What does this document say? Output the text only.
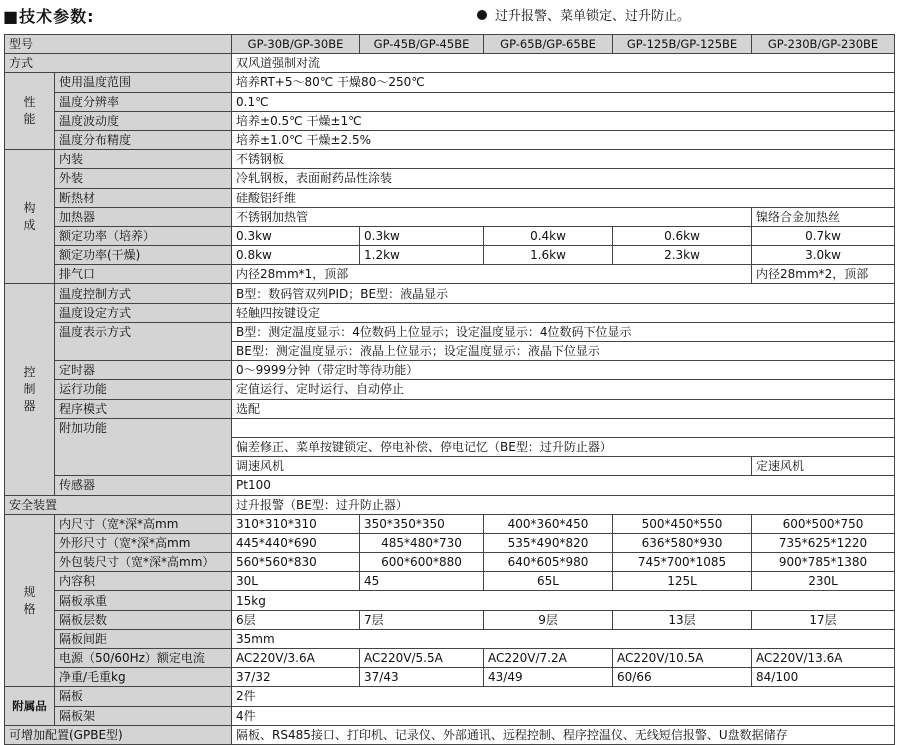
■技术参数:	过升报警、菜单锁定、过升防止。
型号		GP-30B/GP-30BE	GP-45B/GP-45BE	GP-65B/GP-65BE	GP-125B/GP-125BE	GP-230B/GP-230BE
方式		双风道强制对流				
性能	使用温度范围	培养RT+5～80℃ 干燥80～250℃				
	温度分辨率	0.1℃				
	温度波动度	培养±0.5℃ 干燥±1℃				
	温度分布精度	培养±1.0℃ 干燥±2.5%				
构成	内装	不锈钢板				
	外装	冷轧钢板，表面耐药品性涂装				
	断热材	硅酸铝纤维				
	加热器	不锈钢加热管				镍络合金加热丝
	额定功率（培养）	0.3kw	0.3kw	0.4kw	0.6kw	0.7kw
	额定功率(干燥)	0.8kw	1.2kw	1.6kw	2.3kw	3.0kw
	排气口	内径28mm*1，顶部				内径28mm*2，顶部
控制器	温度控制方式	B型：数码管双列PID；BE型：液晶显示				
	温度设定方式	轻触四按键设定				
	温度表示方式	B型：测定温度显示：4位数码上位显示；设定温度显示：4位数码下位显示				
		BE型：测定温度显示：液晶上位显示；设定温度显示：液晶下位显示				
	定时器	0～9999分钟（带定时等待功能）				
	运行功能	定值运行、定时运行、自动停止				
	程序模式	选配				
	附加功能					
		偏差修正、菜单按键锁定、停电补偿、停电记忆（BE型：过升防止器）				
		调速风机				定速风机
	传感器	Pt100				
安全装置		过升报警（BE型：过升防止器）				
规格	内尺寸（宽*深*高mm	310*310*310	350*350*350	400*360*450	500*450*550	600*500*750
	外形尺寸（宽*深*高mm	445*440*690	485*480*730	535*490*820	636*580*930	735*625*1220
	外包装尺寸（宽*深*高mm）	560*560*830	600*600*880	640*605*980	745*700*1085	900*785*1380
	内容积	30L	45	65L	125L	230L
	隔板承重	15kg				
	隔板层数	6层	7层	9层	13层	17层
	隔板间距	35mm				
	电源（50/60Hz）额定电流	AC220V/3.6A	AC220V/5.5A	AC220V/7.2A	AC220V/10.5A	AC220V/13.6A
	净重/毛重kg	37/32	37/43	43/49	60/66	84/100
附属品	隔板	2件				
	隔板架	4件				
可增加配置(GPBE型)		隔板、RS485接口、打印机、记录仪、外部通讯、远程控制、程序控温仪、无线短信报警、U盘数据储存				
